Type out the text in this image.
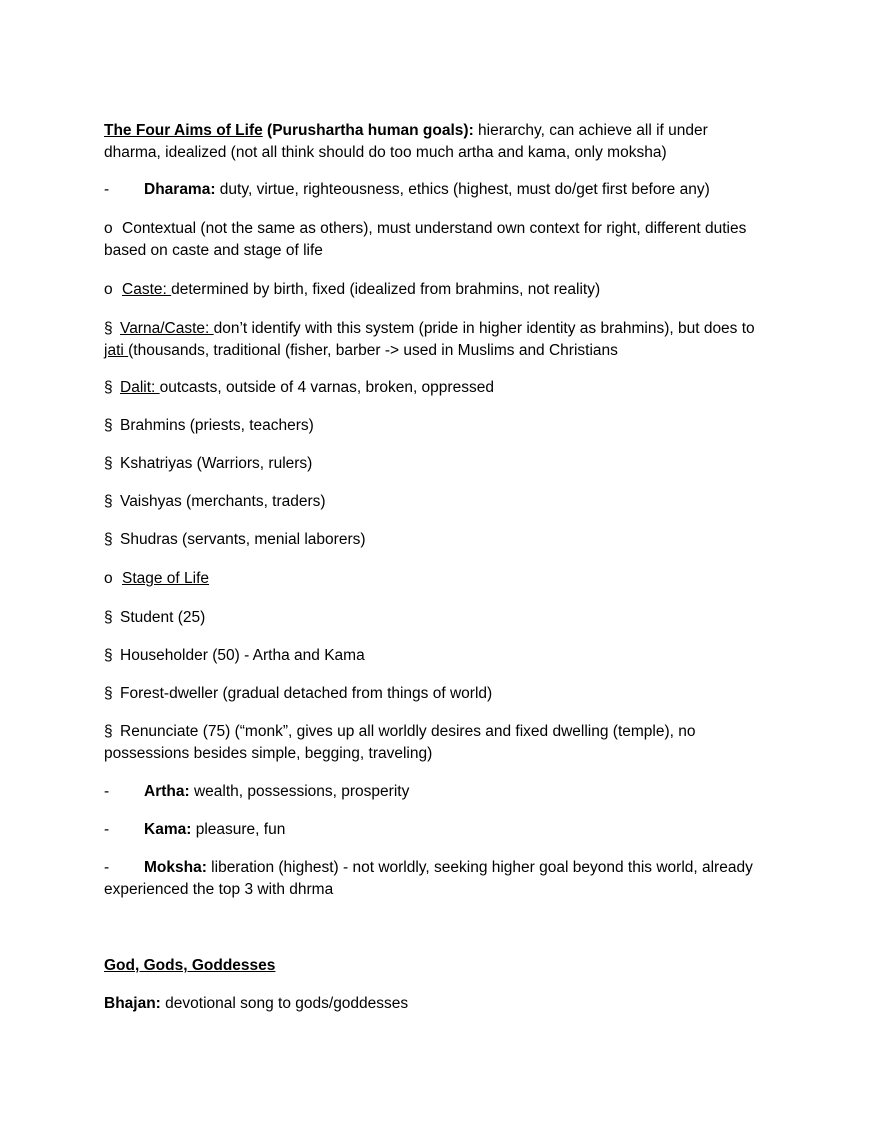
The Four Aims of Life (Purushartha human goals): hierarchy, can achieve all if under
dharma, idealized (not all think should do too much artha and kama, only moksha)

- Dharama: duty, virtue, righteousness, ethics (highest, must do/get first before any)

o Contextual (not the same as others), must understand own context for right, different duties
based on caste and stage of life

o Caste: determined by birth, fixed (idealized from brahmins, not reality)

§ Varna/Caste: don’t identify with this system (pride in higher identity as brahmins), but does to
jati (thousands, traditional (fisher, barber -> used in Muslims and Christians

§ Dalit: outcasts, outside of 4 varnas, broken, oppressed

§ Brahmins (priests, teachers)

§ Kshatriyas (Warriors, rulers)

§ Vaishyas (merchants, traders)

§ Shudras (servants, menial laborers)

o Stage of Life

§ Student (25)

§ Householder (50) - Artha and Kama

§ Forest-dweller (gradual detached from things of world)

§ Renunciate (75) (“monk”, gives up all worldly desires and fixed dwelling (temple), no
possessions besides simple, begging, traveling)

- Artha: wealth, possessions, prosperity

- Kama: pleasure, fun

- Moksha: liberation (highest) - not worldly, seeking higher goal beyond this world, already
experienced the top 3 with dhrma

God, Gods, Goddesses

Bhajan: devotional song to gods/goddesses
